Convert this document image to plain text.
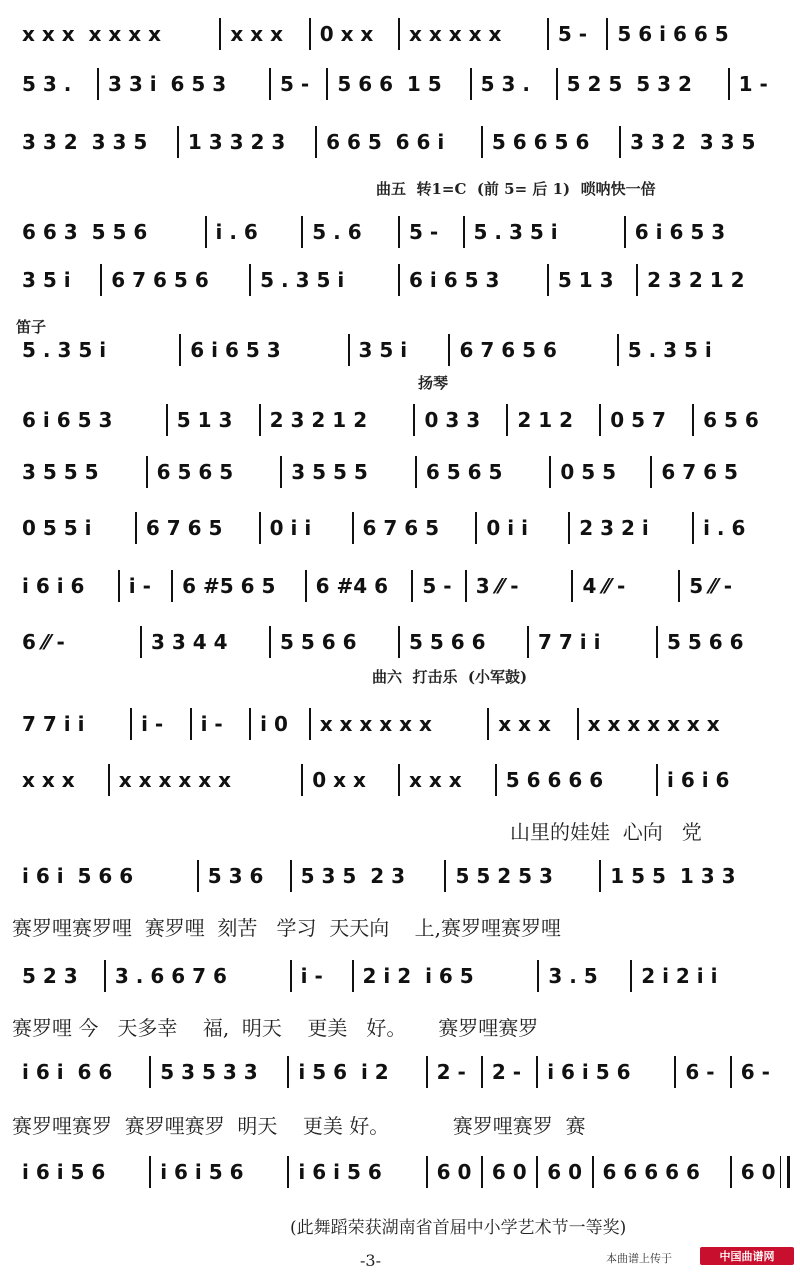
x x x  x x x x	x x x 0 x x x x x x x	5 - 5 6 i 6 6 5
5 3 . 3 3 i  6 5 3	5 - 5 6 6  1 5 5 3 . 5 2 5  5 3 2 1 -
3 3 2  3 3 5 1 3 3 2 3 6 6 5  6 6 i 5 6 6 5 6 3 3 2  3 3 5
6 6 3  5 5 6	i . 6	5 . 6 5 - 5 . 3 5 i	6 i 6 5 3
3 5 i 6 7 6 5 6	5 . 3 5 i	6 i 6 5 3	5 1 3 2 3 2 1 2
5 . 3 5 i	6 i 6 5 3	3 5 i	6 7 6 5 6	5 . 3 5 i
6 i 6 5 3	5 1 3 2 3 2 1 2	0 3 3 2 1 2 0 5 7 6 5 6
3 5 5 5	6 5 6 5	3 5 5 5	6 5 6 5	0 5 5 6 7 6 5
0 5 5 i	6 7 6 5 0 i i	6 7 6 5 0 i i	2 3 2 i	i . 6
i 6 i 6 i - 6 #5 6 5 6 #4 6 5 - 3 ⁄⁄ -	4 ⁄⁄ -	5 ⁄⁄ -
6 ⁄⁄ -	3 3 4 4	5 5 6 6	5 5 6 6	7 7 i i	5 5 6 6
7 7 i i	i - i - i 0 x x x x x x	x x x x x x x x x x
x x x x x x x x x	0 x x x x x 5 6 6 6 6	i 6 i 6
i 6 i  5 6 6	5 3 6 5 3 5  2 3	5 5 2 5 3	1 5 5  1 3 3
5 2 3 3 . 6 6 7 6	i - 2 i 2  i 6 5	3 . 5 2 i 2 i i
i 6 i  6 6 5 3 5 3 3 i 5 6  i 2 2 - 2 - i 6 i 5 6	6 - 6 -
i 6 i 5 6	i 6 i 5 6	i 6 i 5 6	6 0 6 0 6 0 6 6 6 6 6 6 0
曲五  转1=C  (前 5= 后 1)  唢呐快一倍
笛子
扬琴
曲六  打击乐  (小军鼓)
山里的娃娃  心向   党
赛罗哩赛罗哩  赛罗哩  刻苦   学习  天天向    上,赛罗哩赛罗哩
赛罗哩 今   天多幸    福,  明天    更美   好。     赛罗哩赛罗
赛罗哩赛罗  赛罗哩赛罗  明天    更美 好。          赛罗哩赛罗  赛
(此舞蹈荣获湖南省首届中小学艺术节一等奖)
-3-	本曲谱上传于	中国曲谱网
